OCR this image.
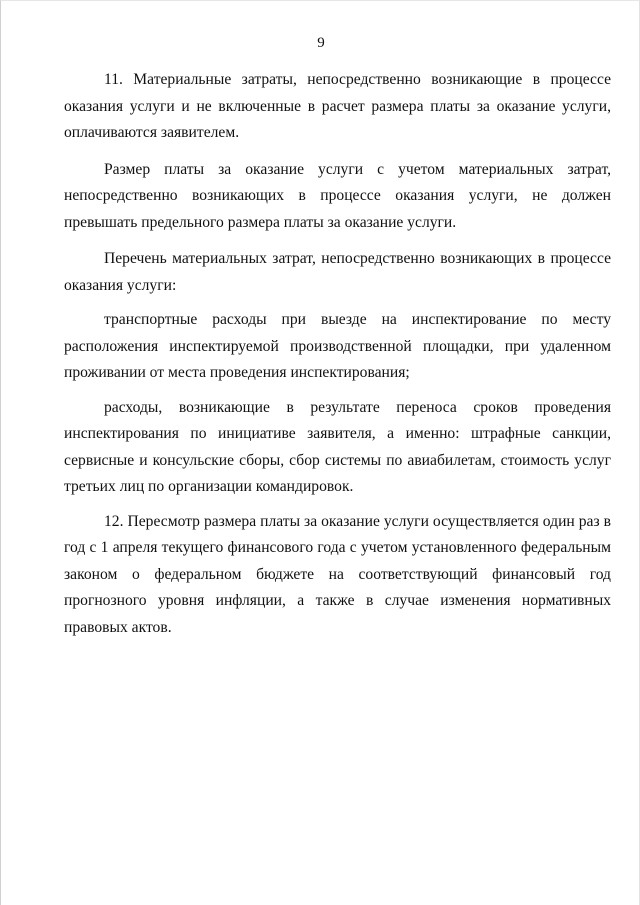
9

11. Материальные затраты, непосредственно возникающие в процессе оказания услуги и не включенные в расчет размера платы за оказание услуги, оплачиваются заявителем.

Размер платы за оказание услуги с учетом материальных затрат, непосредственно возникающих в процессе оказания услуги, не должен превышать предельного размера платы за оказание услуги.

Перечень материальных затрат, непосредственно возникающих в процессе оказания услуги:

транспортные расходы при выезде на инспектирование по месту расположения инспектируемой производственной площадки, при удаленном проживании от места проведения инспектирования;

расходы, возникающие в результате переноса сроков проведения инспектирования по инициативе заявителя, а именно: штрафные санкции, сервисные и консульские сборы, сбор системы по авиабилетам, стоимость услуг третьих лиц по организации командировок.

12. Пересмотр размера платы за оказание услуги осуществляется один раз в год с 1 апреля текущего финансового года с учетом установленного федеральным законом о федеральном бюджете на соответствующий финансовый год прогнозного уровня инфляции, а также в случае изменения нормативных правовых актов.
